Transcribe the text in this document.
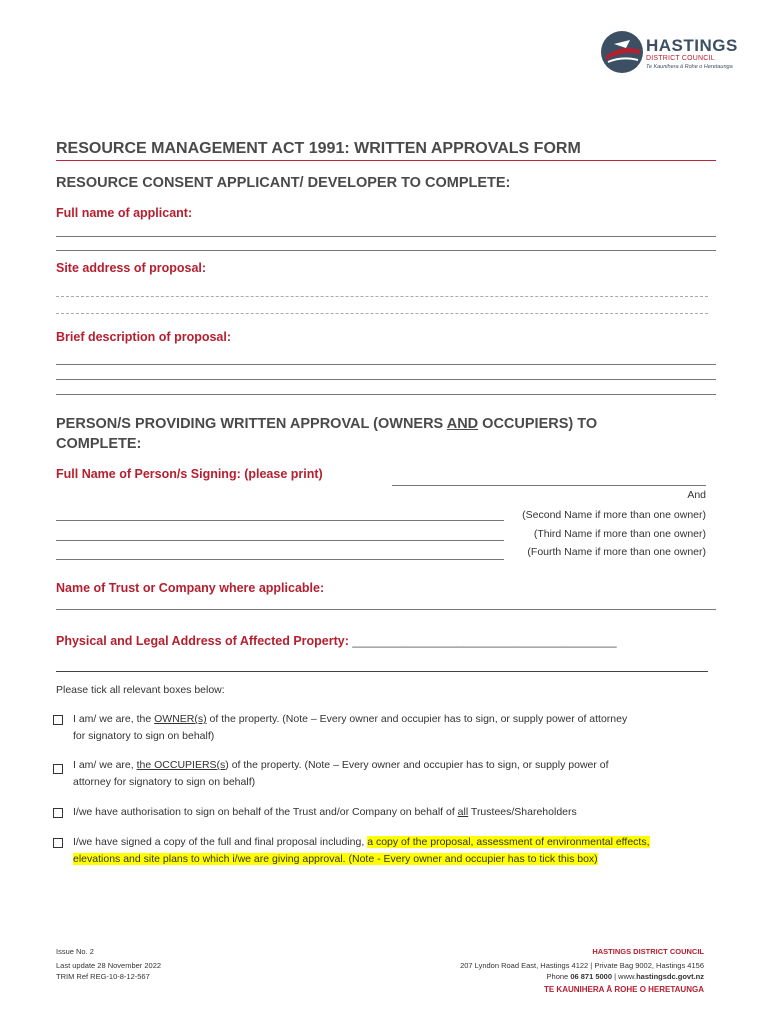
HASTINGS
DISTRICT COUNCIL
Te Kaunihera ā Rohe o Heretaunga
RESOURCE MANAGEMENT ACT 1991: WRITTEN APPROVALS FORM
RESOURCE CONSENT APPLICANT/ DEVELOPER TO COMPLETE:
Full name of applicant:
Site address of proposal:
Brief description of proposal:
PERSON/S PROVIDING WRITTEN APPROVAL (OWNERS AND OCCUPIERS) TO
COMPLETE:
Full Name of Person/s Signing: (please print)
And
(Second Name if more than one owner)
(Third Name if more than one owner)
(Fourth Name if more than one owner)
Name of Trust or Company where applicable:
Physical and Legal Address of Affected Property: ______________________________________
Please tick all relevant boxes below:
I am/ we are, the OWNER(s) of the property. (Note – Every owner and occupier has to sign, or supply power of attorney
for signatory to sign on behalf)
I am/ we are, the OCCUPIERS(s) of the property. (Note – Every owner and occupier has to sign, or supply power of
attorney for signatory to sign on behalf)
I/we have authorisation to sign on behalf of the Trust and/or Company on behalf of all Trustees/Shareholders
I/we have signed a copy of the full and final proposal including, a copy of the proposal, assessment of environmental effects,
elevations and site plans to which i/we are giving approval. (Note - Every owner and occupier has to tick this box)
Issue No. 2
Last update 28 November 2022
TRIM Ref REG-10-8-12-567
HASTINGS DISTRICT COUNCIL
207 Lyndon Road East, Hastings 4122 | Private Bag 9002, Hastings 4156
Phone 06 871 5000 | www.hastingsdc.govt.nz
TE KAUNIHERA Ā ROHE O HERETAUNGA
